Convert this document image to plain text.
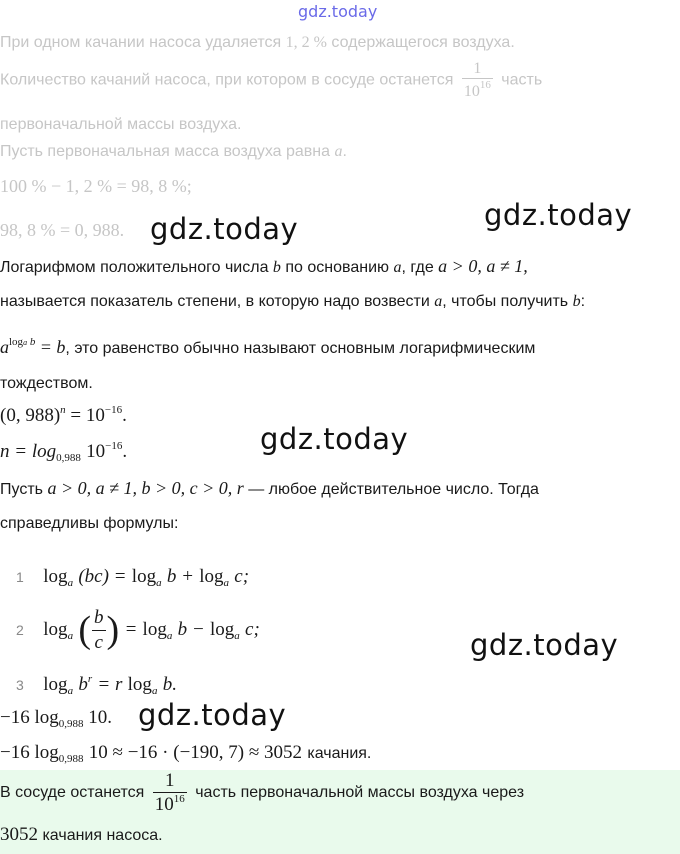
gdz.today
При одном качании насоса удаляется 1, 2 % содержащегося воздуха.
Количество качаний насоса, при котором в сосуде останется $\frac{1}{10^{16}}$ часть
первоначальной массы воздуха.
Пусть первоначальная масса воздуха равна a.
100 % − 1, 2 % = 98, 8 %;
98, 8 % = 0, 988. gdz.today	gdz.today
gdz.today
gdz.today
gdz.today
Логарифмом положительного числа b по основанию a, где a > 0, a ≠ 1,
называется показатель степени, в которую надо возвести a, чтобы получить b:
$a^{loga b} = b$, это равенство обычно называют основным логарифмическим
тождеством.
(0, $988)^n = 10^{-16}$.
$n = \log_{0,988} 10^{-16}$.
Пусть a > 0, a ≠ 1, b > 0, c > 0, r — любое действительное число. Тогда
справедливы формулы:
1 $\log_a (bc) = \log_a b + \log_a c$;
2 $\log_a$ ( $\frac{b}{c}$ ) = $\log_a b - \log_a c$;
3 $\log_a b^r = r$ $\log_a b$.
−16 $\log_{0,988} 10$.
−16 $\log_{0,988} 10 \approx -16 \cdot (-190$, 7) ≈ 3052 качания.
В сосуде останется $\frac{1}{10^{16}}$ часть первоначальной массы воздуха через
3052 качания насоса.
